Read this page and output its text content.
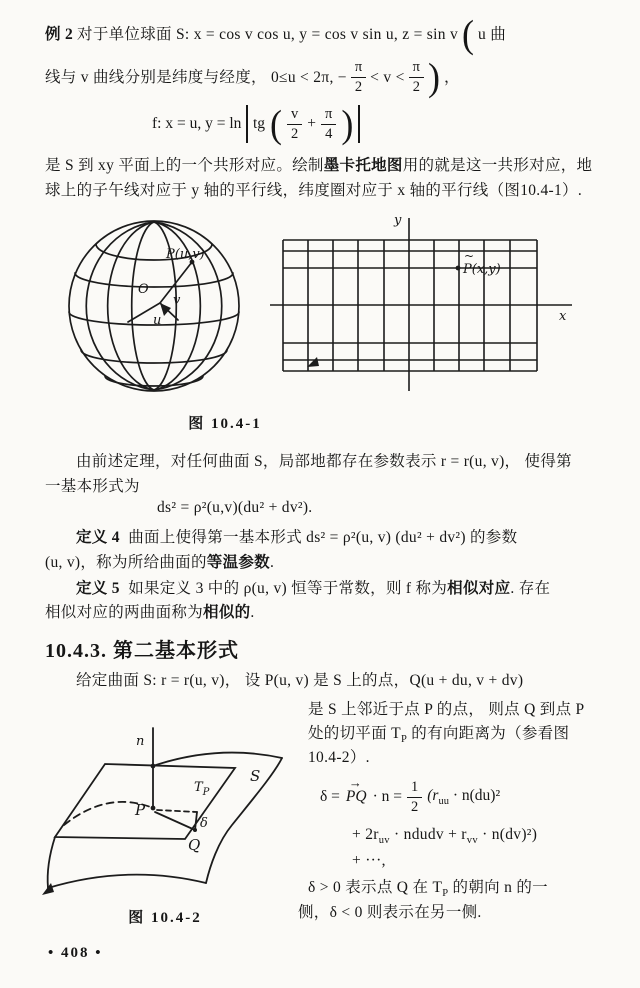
例 2 对于单位球面 S: x = cos v cos u, y = cos v sin u, z = sin v ( u 曲
线与 v 曲线分别是纬度与经度， 0≤u < 2π, − $\frac{\pi}{2} < v < \frac{\pi}{2}$ ) ，
f: x = u, y = ln tg ( $\frac{v}{2} + \frac{\pi}{4}$ )
是 S 到 xy 平面上的一个共形对应。绘制墨卡托地图用的就是这一共形对应，地
球上的子午线对应于 y 轴的平行线，纬度圈对应于 x 轴的平行线（图10.4-1）.
P(u,v)
O
v
u
y
x
~
P(x,y)
图 10.4-1
由前述定理，对任何曲面 S，局部地都存在参数表示 r = r(u, v)， 使得第
一基本形式为
ds² = ρ²(u,v)(du² + dv²).
定义 4 曲面上使得第一基本形式 ds² = ρ²(u, v) (du² + dv²) 的参数
(u, v)，称为所给曲面的等温参数.
定义 5 如果定义 3 中的 ρ(u, v) 恒等于常数，则 f 称为相似对应. 存在
相似对应的两曲面称为相似的.
10.4.3. 第二基本形式
给定曲面 S: r = r(u, v)， 设 P(u, v) 是 S 上的点，Q(u + du, v + dv)
是 S 上邻近于点 P 的点， 则点 Q 到点 P
处的切平面 $T_P$ 的有向距离为（参看图
10.4-2）.
δ =
→
PQ · $n = \frac{1}{2} (r_{uu} \cdot n(du)^2$
+ $2r_{uv}$ · ndudv + $r_{vv} \cdot n(dv)^2$)
+ ···,
δ > 0 表示点 Q 在 $T_P$ 的朝向 n 的一
侧，δ < 0 则表示在另一侧.
n
$T_P$
S
P
δ
Q
图 10.4-2
• 408 •
